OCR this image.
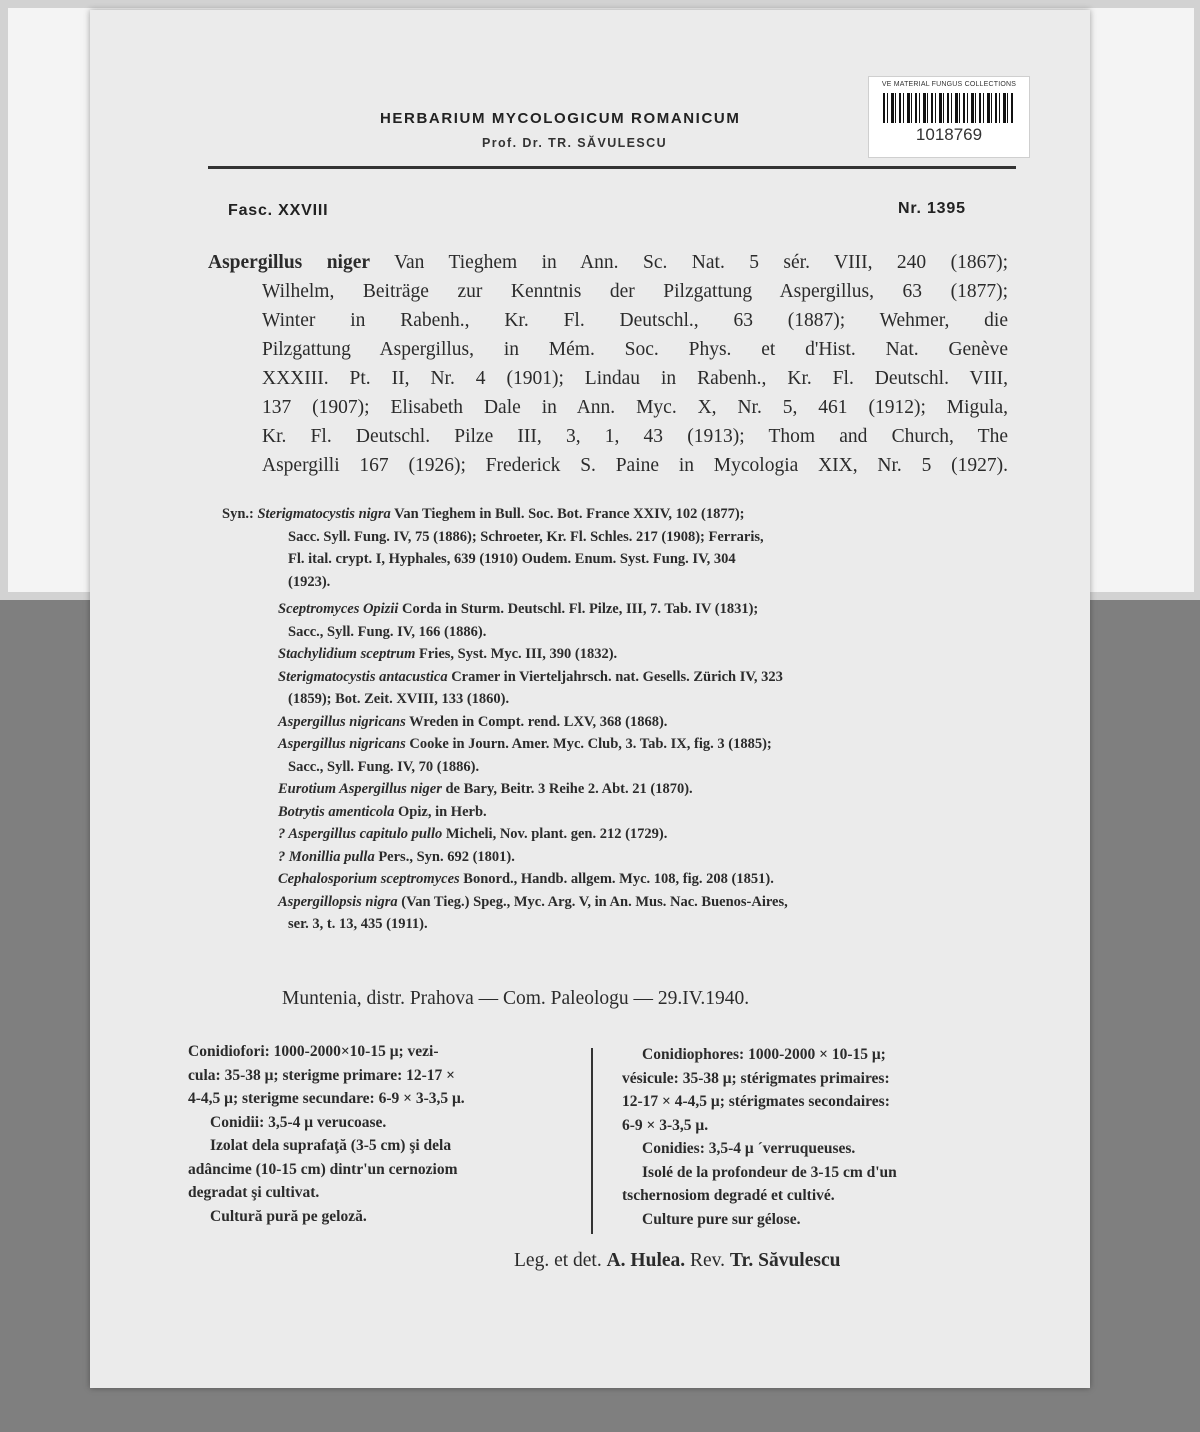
VE MATERIAL FUNGUS COLLECTIONS
1018769
HERBARIUM MYCOLOGICUM ROMANICUM
Prof. Dr. TR. SĂVULESCU
Fasc. XXVIII	Nr. 1395
Aspergillus niger Van Tieghem in Ann. Sc. Nat. 5 sér. VIII, 240 (1867);
Wilhelm, Beiträge zur Kenntnis der Pilzgattung Aspergillus, 63 (1877);
Winter in Rabenh., Kr. Fl. Deutschl., 63 (1887); Wehmer, die
Pilzgattung Aspergillus, in Mém. Soc. Phys. et d'Hist. Nat. Genève
XXXIII. Pt. II, Nr. 4 (1901); Lindau in Rabenh., Kr. Fl. Deutschl. VIII,
137 (1907); Elisabeth Dale in Ann. Myc. X, Nr. 5, 461 (1912); Migula,
Kr. Fl. Deutschl. Pilze III, 3, 1, 43 (1913); Thom and Church, The
Aspergilli 167 (1926); Frederick S. Paine in Mycologia XIX, Nr. 5 (1927).
Syn.: Sterigmatocystis nigra Van Tieghem in Bull. Soc. Bot. France XXIV, 102 (1877);
Sacc. Syll. Fung. IV, 75 (1886); Schroeter, Kr. Fl. Schles. 217 (1908); Ferraris,
Fl. ital. crypt. I, Hyphales, 639 (1910) Oudem. Enum. Syst. Fung. IV, 304
(1923).
Sceptromyces Opizii Corda in Sturm. Deutschl. Fl. Pilze, III, 7. Tab. IV (1831);
Sacc., Syll. Fung. IV, 166 (1886).
Stachylidium sceptrum Fries, Syst. Myc. III, 390 (1832).
Sterigmatocystis antacustica Cramer in Vierteljahrsch. nat. Gesells. Zürich IV, 323
(1859); Bot. Zeit. XVIII, 133 (1860).
Aspergillus nigricans Wreden in Compt. rend. LXV, 368 (1868).
Aspergillus nigricans Cooke in Journ. Amer. Myc. Club, 3. Tab. IX, fig. 3 (1885);
Sacc., Syll. Fung. IV, 70 (1886).
Eurotium Aspergillus niger de Bary, Beitr. 3 Reihe 2. Abt. 21 (1870).
Botrytis amenticola Opiz, in Herb.
? Aspergillus capitulo pullo Micheli, Nov. plant. gen. 212 (1729).
? Monillia pulla Pers., Syn. 692 (1801).
Cephalosporium sceptromyces Bonord., Handb. allgem. Myc. 108, fig. 208 (1851).
Aspergillopsis nigra (Van Tieg.) Speg., Myc. Arg. V, in An. Mus. Nac. Buenos-Aires,
ser. 3, t. 13, 435 (1911).
Muntenia, distr. Prahova — Com. Paleologu — 29.IV.1940.
Conidiofori: 1000-2000×10-15 μ; vezi-
cula: 35-38 μ; sterigme primare: 12-17 ×
4-4,5 μ; sterigme secundare: 6-9 × 3-3,5 μ.
Conidii: 3,5-4 μ verucoase.
Izolat dela suprafaţă (3-5 cm) şi dela
adâncime (10-15 cm) dintr'un cernoziom
degradat şi cultivat.
Cultură pură pe geloză.
Conidiophores: 1000-2000 × 10-15 μ;
vésicule: 35-38 μ; stérigmates primaires:
12-17 × 4-4,5 μ; stérigmates secondaires:
6-9 × 3-3,5 μ.
Conidies: 3,5-4 μ ´verruqueuses.
Isolé de la profondeur de 3-15 cm d'un
tschernosiom degradé et cultivé.
Culture pure sur gélose.
Leg. et det. A. Hulea. Rev. Tr. Săvulescu
